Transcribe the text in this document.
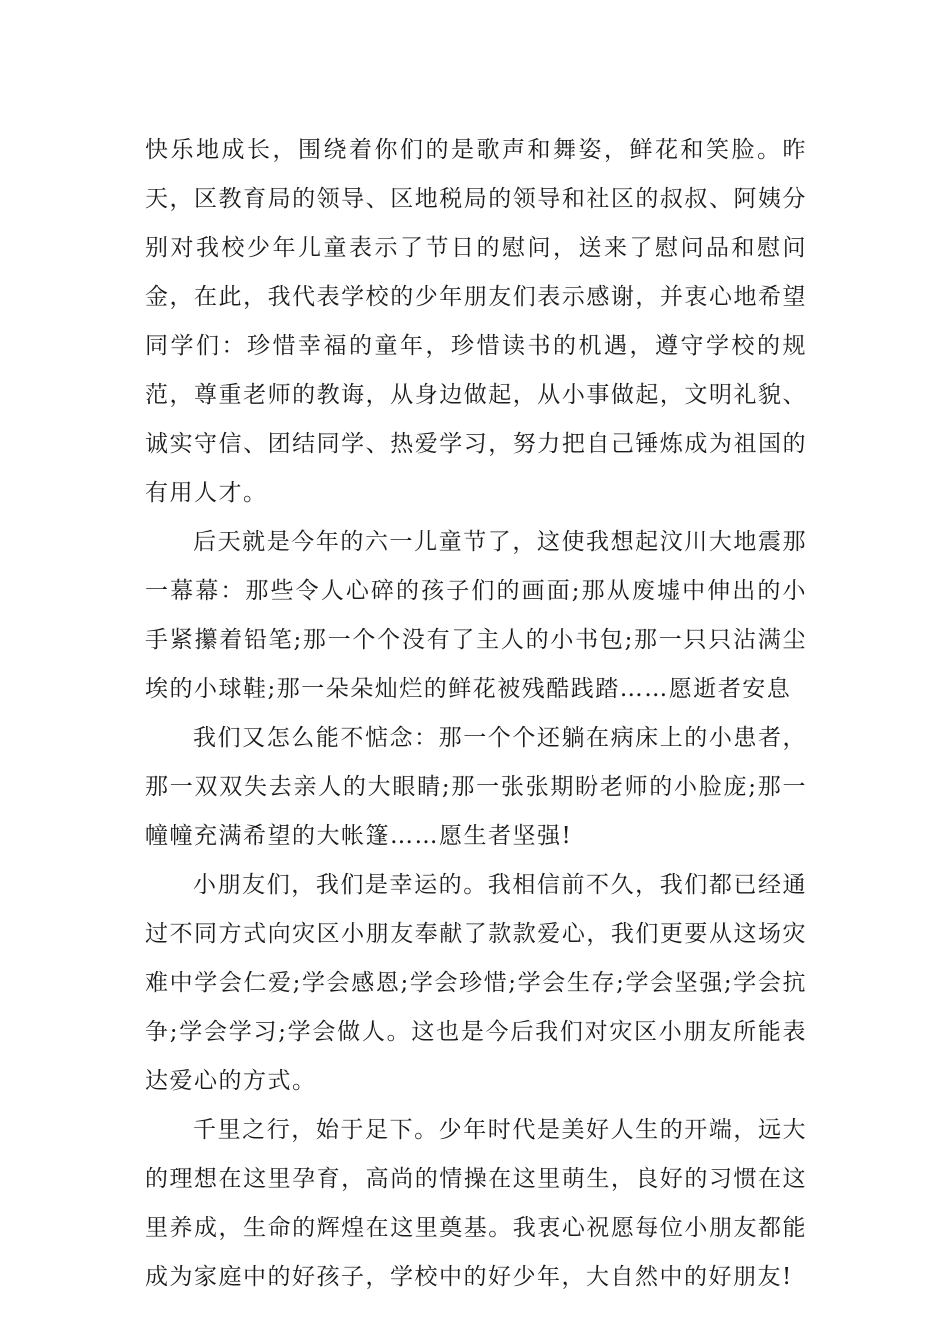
快乐地成长，围绕着你们的是歌声和舞姿，鲜花和笑脸。昨天，区教育局的领导、区地税局的领导和社区的叔叔、阿姨分别对我校少年儿童表示了节日的慰问，送来了慰问品和慰问金，在此，我代表学校的少年朋友们表示感谢，并衷心地希望同学们：珍惜幸福的童年，珍惜读书的机遇，遵守学校的规范，尊重老师的教诲，从身边做起，从小事做起，文明礼貌、诚实守信、团结同学、热爱学习，努力把自己锤炼成为祖国的有用人才。

后天就是今年的六一儿童节了，这使我想起汶川大地震那一幕幕：那些令人心碎的孩子们的画面;那从废墟中伸出的小手紧攥着铅笔;那一个个没有了主人的小书包;那一只只沾满尘埃的小球鞋;那一朵朵灿烂的鲜花被残酷践踏……愿逝者安息

我们又怎么能不惦念：那一个个还躺在病床上的小患者，那一双双失去亲人的大眼睛;那一张张期盼老师的小脸庞;那一幢幢充满希望的大帐篷……愿生者坚强!

小朋友们，我们是幸运的。我相信前不久，我们都已经通过不同方式向灾区小朋友奉献了款款爱心，我们更要从这场灾难中学会仁爱;学会感恩;学会珍惜;学会生存;学会坚强;学会抗争;学会学习;学会做人。这也是今后我们对灾区小朋友所能表达爱心的方式。

千里之行，始于足下。少年时代是美好人生的开端，远大的理想在这里孕育，高尚的情操在这里萌生，良好的习惯在这里养成，生命的辉煌在这里奠基。我衷心祝愿每位小朋友都能成为家庭中的好孩子，学校中的好少年，大自然中的好朋友!
